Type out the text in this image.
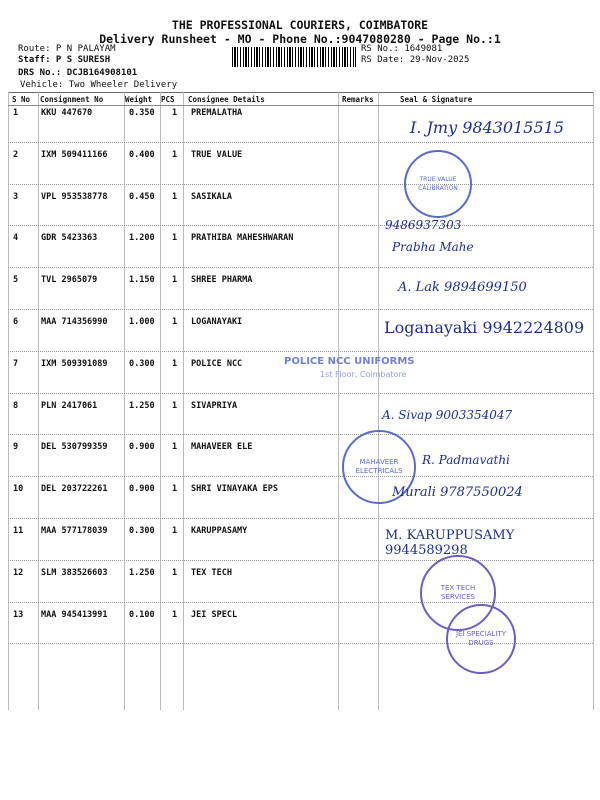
THE PROFESSIONAL COURIERS, COIMBATORE
Delivery Runsheet - MO - Phone No.:9047080280 - Page No.:1
Route: P N PALAYAM
Staff: P S SURESH
DRS No.: DCJB164908101
Vehicle: Two Wheeler Delivery
RS No.: 1649081
RS Date: 29-Nov-2025
S No Consignment No	Weight PCS Consignee Details	Remarks	Seal & Signature
1	KKU 447670	0.350 1 PREMALATHA
2	IXM 509411166	0.400 1 TRUE VALUE
3	VPL 953538778	0.450 1 SASIKALA
4	GDR 5423363	1.200 1 PRATHIBA MAHESHWARAN
5	TVL 2965079	1.150 1 SHREE PHARMA
6	MAA 714356990	1.000 1 LOGANAYAKI
7	IXM 509391089	0.300 1 POLICE NCC
8	PLN 2417061	1.250 1 SIVAPRIYA
9	DEL 530799359	0.900 1 MAHAVEER ELE
10 DEL 203722261	0.900 1 SHRI VINAYAKA EPS
11 MAA 577178039	0.300 1 KARUPPASAMY
12 SLM 383526603	1.250 1 TEX TECH
13 MAA 945413991	0.100 1 JEI SPECL
TRUE VALUE CALIBRATION
POLICE NCC UNIFORMS
1st Floor, Coimbatore
MAHAVEER ELECTRICALS
TEX TECH SERVICES
JEI SPECIALITY DRUGS
I. Jmy 9843015515
9486937303
Prabha Mahe
A. Lak 9894699150
Loganayaki 9942224809
A. Sivap 9003354047
R. Padmavathi
Murali 9787550024
M. KARUPPUSAMY 9944589298
